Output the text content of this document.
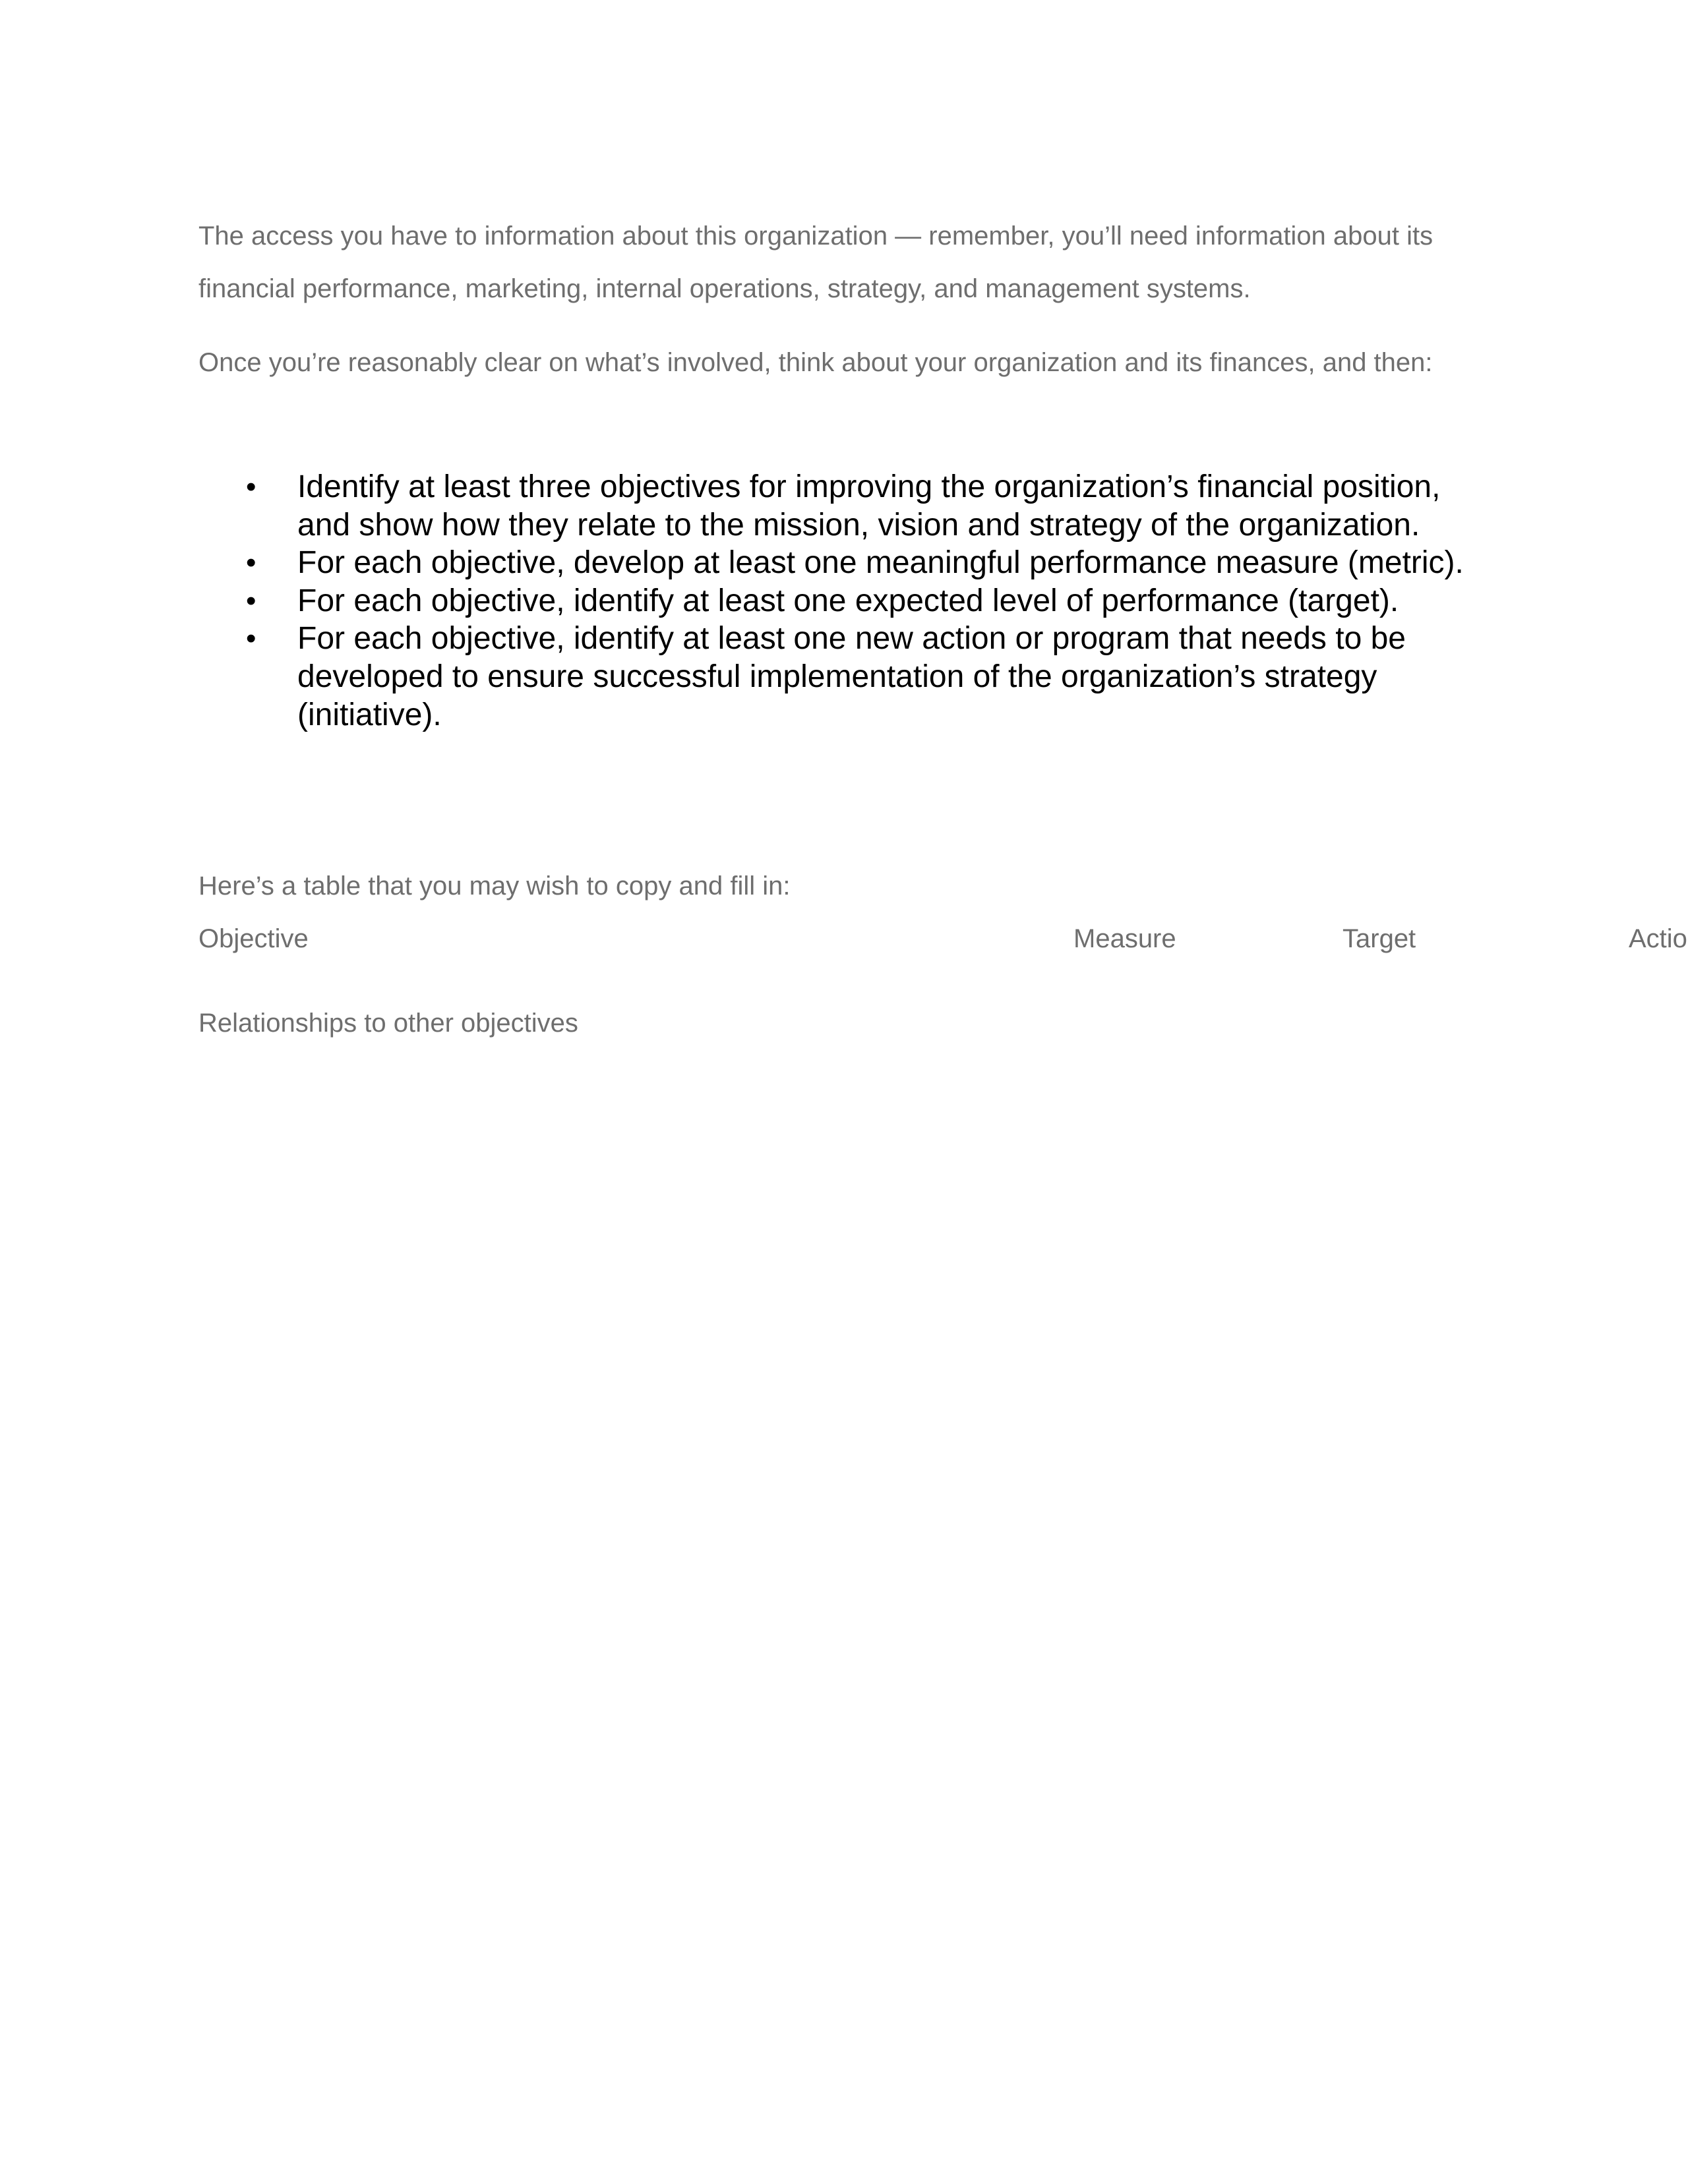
The access you have to information about this organization — remember, you’ll need information about its financial performance, marketing, internal operations, strategy, and management systems.

Once you’re reasonably clear on what’s involved, think about your organization and its finances, and then:

• Identify at least three objectives for improving the organization’s financial position, and show how they relate to the mission, vision and strategy of the organization.
• For each objective, develop at least one meaningful performance measure (metric).
• For each objective, identify at least one expected level of performance (target).
• For each objective, identify at least one new action or program that needs to be developed to ensure successful implementation of the organization’s strategy (initiative).

Here’s a table that you may wish to copy and fill in:

Objective	Measure	Target	Actio

Relationships to other objectives
